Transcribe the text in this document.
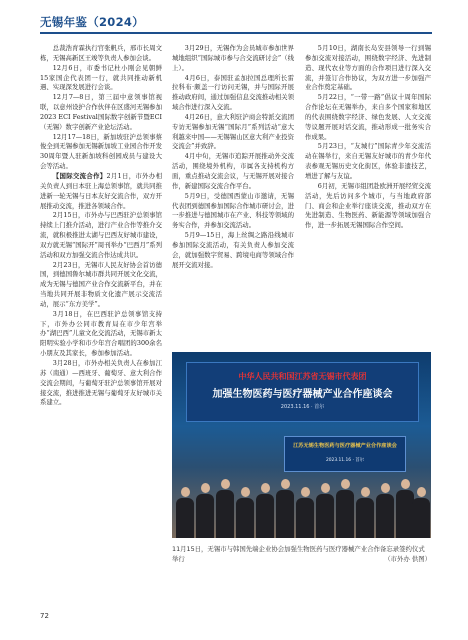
无锡年鉴（2024）

总裁浩育霖执行官张帆兵，邢市长周文栋，无锡高新区王竣等负责人参加会谈。

12月6日，市委书记杜小刚会见朝鲜15家国企代表团一行，就共同推动新机遇、实现深发展进行会谈。

12月7—8日，第三届中意领事馆视联，以意州设护合作伙伴在区盛河无锡参加2023 ECI Festival国际数字创新节暨ECI（无锡）数字创新产业论坛活动。

12月17—18日，新加坡驻沪总领事蔡俊全到无锡参加无锡新加坡工业园合作开发30周年暨人驻新加坡科创园成员与建设大会等活动。

【国际交流合作】2月1日，市外办相关负责人到日本驻上海总领事馆，就共同推进新一轮无锡与日本友好交流合作，双方开展推动交流，推进各领域合作。

2月15日，市外办与巴西驻沪总领事馆持续上门推介活动，进行产业合作等推介交流，就积极推进太湖与巴西友好城市建设，双方就无锡“国际开”周刊举办“巴西月”系列活动和双方加强交流合作达成共识。

2月23日，无锡市人民友好协会首访德国，到德国鲁尔城市群共同开展文化交流，成为无锡与德国产业合作交流新平台，并在当地共同开展非物质文化遗产展示交流活动，展示“东方美学”。

3月18日，在巴西驻沪总领事馆支持下，市外办公同市教育局在市少年宫举办“湖巴西”儿童文化交流活动，无锡市新太阳明实验小学和市少年宫合唱团的300余名小朋友及其家长，参加参加活动。

3月28日，市外办相关负责人在参加江苏（南通）—西班牙、葡萄牙、意大利合作交流会期间，与葡萄牙驻沪总领事馆开展对接交流，推进推进无锡与葡萄牙友好城市关系建立。

3月29日，无锡作为会员城市参加世界城地组织“国际城市参与合交流研讨会”（线上）。

4月6日，泰国驻孟加拉国总理所长雷拉科布·颇盖一行访问无锡，并与国际开展推动政府间，通过加强信息交流推动相关领域合作进行深入交流。

4月26日，意大利驻沪商会特派交流团专访无锡参加无锡“国际月”系列活动“意大利越来中国——无锡锡山区意大利产业投资交流会”并致辞。

4月中旬，无锡市追踪开展推动外交流活动，围绕境外机构，市属各支持机构方面，重点推动交流会议，与无锡开展对接合作，新建国际交流合作平台。

5月9日，受德国西蒙山市邀请，无锡代表团到德国参加国际合作城市研讨会，进一步推进与德国城市在产业、科技等领域的务实合作，并参加交流活动。

5月9—15日，海上丝绸之路沿线城市参加国际交流活动，有关负责人参加交流会，就加强数字贸易、跨境电商等领域合作展开交流对接。

5月10日，湖南长岛安县领导一行到锡参加交流对接活动，围绕数字经济、先进制造、现代农业等方面的合作项目进行深入交流，并签订合作协议，为双方进一步加强产业合作奠定基础。

5月22日，“一带一路”倡议十周年国际合作论坛在无锡举办，来自多个国家和地区的代表围绕数字经济、绿色发展、人文交流等议题开展对话交流，推动形成一批务实合作成果。

5月23日，“友城行”国际青少年交流活动在锡举行，来自无锡友好城市的青少年代表参观无锡历史文化街区，体验非遗技艺，增进了解与友谊。

6月初，无锡市组团赴欧洲开展经贸交流活动，先后访问多个城市，与当地政府部门、商会和企业举行座谈交流，推动双方在先进制造、生物医药、新能源等领域加强合作，进一步拓展无锡国际合作空间。

中华人民共和国江苏省无锡市代表团
加强生物医药与医疗器械产业合作座谈会
2023.11.16 · 首尔
江苏无锡生物医药与医疗器械产业合作座谈会
2023.11.16 · 首尔
11月15日，无锡市与韩国先端企业协会加强生物医药与医疗器械产业合作备忘录签约仪式举行	（市外办 供图）
72
